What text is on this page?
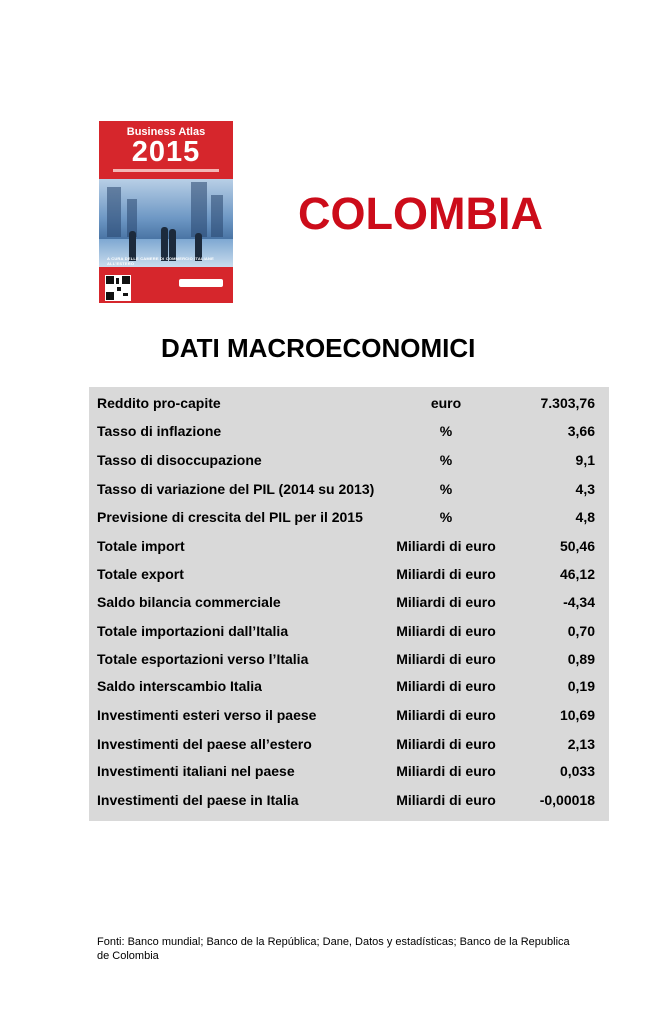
Business Atlas
2015
A CURA DELLE CAMERE DI COMMERCIO ITALIANE ALL'ESTERO
COLOMBIA
DATI MACROECONOMICI
Reddito pro-capite	euro	7.303,76
Tasso di inflazione	%	3,66
Tasso di disoccupazione	%	9,1
Tasso di variazione del PIL (2014 su 2013)	%	4,3
Previsione di crescita del PIL per il 2015	%	4,8
Totale import	Miliardi di euro	50,46
Totale export	Miliardi di euro	46,12
Saldo bilancia commerciale	Miliardi di euro	-4,34
Totale importazioni dall’Italia	Miliardi di euro	0,70
Totale esportazioni verso l’Italia	Miliardi di euro	0,89
Saldo interscambio Italia	Miliardi di euro	0,19
Investimenti esteri verso il paese	Miliardi di euro	10,69
Investimenti del paese all’estero	Miliardi di euro	2,13
Investimenti italiani nel paese	Miliardi di euro	0,033
Investimenti del paese in Italia	Miliardi di euro	-0,00018
Fonti: Banco mundial; Banco de la República; Dane, Datos y estadísticas; Banco de la Republica de Colombia
